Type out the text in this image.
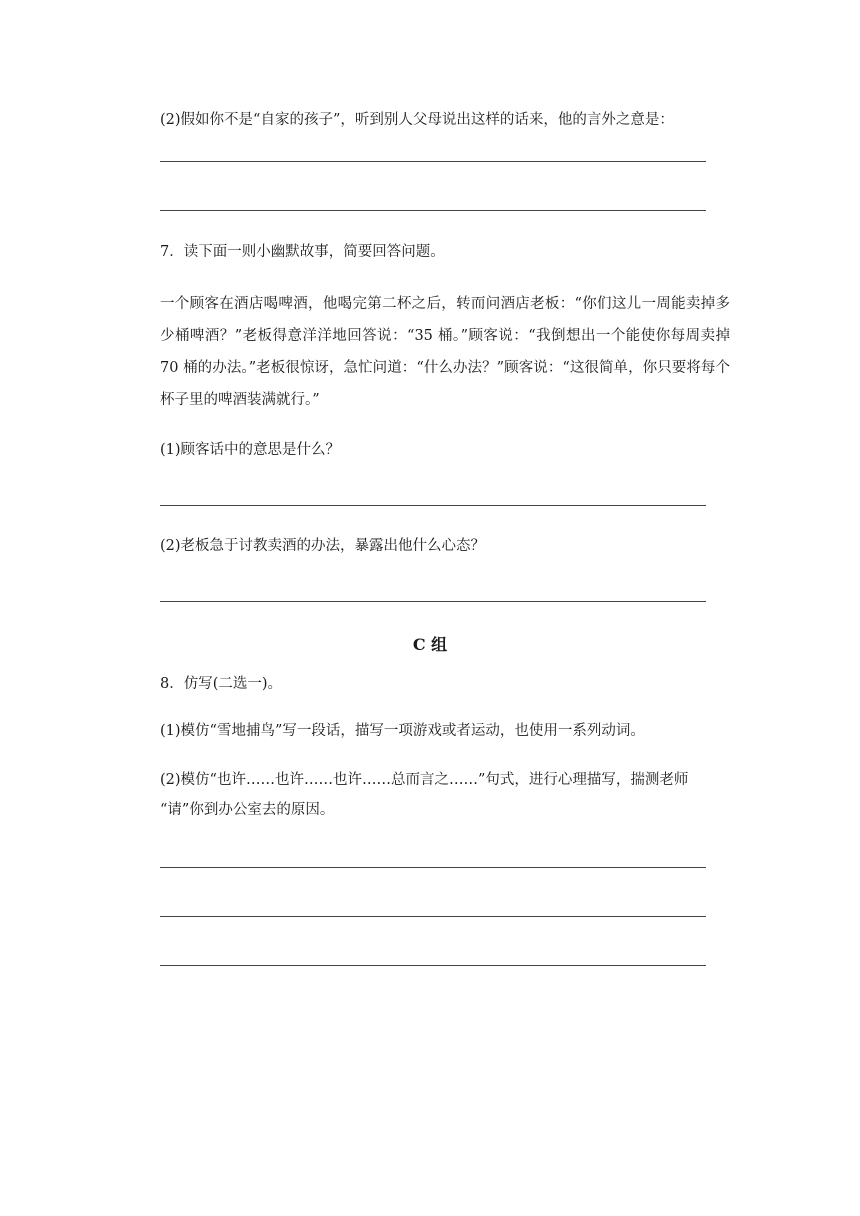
(2)假如你不是“自家的孩子”，听到别人父母说出这样的话来，他的言外之意是：
7．读下面一则小幽默故事，简要回答问题。
一个顾客在酒店喝啤酒，他喝完第二杯之后，转而问酒店老板：“你们这儿一周能卖掉多少桶啤酒？”老板得意洋洋地回答说：“35 桶。”顾客说：“我倒想出一个能使你每周卖掉 70 桶的办法。”老板很惊讶，急忙问道：“什么办法？”顾客说：“这很简单，你只要将每个杯子里的啤酒装满就行。”
(1)顾客话中的意思是什么？
(2)老板急于讨教卖酒的办法，暴露出他什么心态？
C 组
8．仿写(二选一)。
(1)模仿“雪地捕鸟”写一段话，描写一项游戏或者运动，也使用一系列动词。
(2)模仿“也许……也许……也许……总而言之……”句式，进行心理描写，揣测老师
“请”你到办公室去的原因。
